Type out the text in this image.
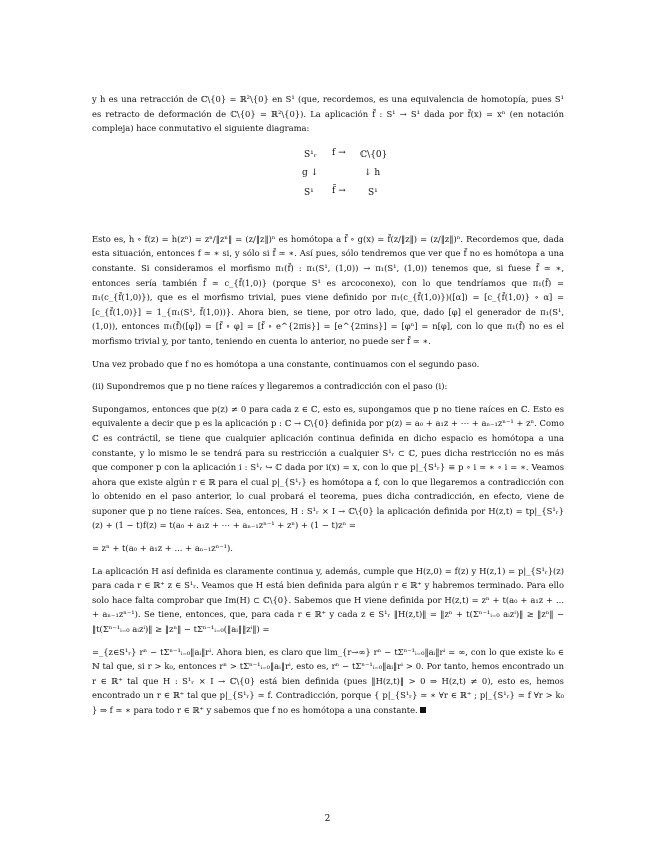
y h es una retracción de ℂ\{0} = ℝ²\{0} en S¹ (que, recordemos, es una equivalencia de homotopía, pues S¹ es retracto de deformación de ℂ\{0} = ℝ²\{0}). La aplicación f̃ : S¹ → S¹ dada por f̃(x) = xⁿ (en notación compleja) hace conmutativo el siguiente diagrama:

S¹ᵣ f → ℂ\{0}
g ↓	↓ h
S¹ f̃ → S¹

Esto es, h ∘ f(z) = h(zⁿ) = zⁿ/‖zⁿ‖ = (z/‖z‖)ⁿ es homótopa a f̃ ∘ g(x) = f̃(z/‖z‖) = (z/‖z‖)ⁿ. Recordemos que, dada esta situación, entonces f ≃ ∗ si, y sólo si f̃ ≃ ∗. Así pues, sólo tendremos que ver que f̃ no es homótopa a una constante. Si consideramos el morfismo π₁(f̃) : π₁(S¹, (1,0)) → π₁(S¹, (1,0)) tenemos que, si fuese f̃ ≃ ∗, entonces sería también f̃ ≃ c_{f̃(1,0)} (porque S¹ es arcoconexo), con lo que tendríamos que π₁(f̃) = π₁(c_{f̃(1,0)}), que es el morfismo trivial, pues viene definido por π₁(c_{f̃(1,0)})([α]) = [c_{f̃(1,0)} ∘ α] = [c_{f̃(1,0)}] = 1_{π₁(S¹, f̃(1,0))}. Ahora bien, se tiene, por otro lado, que, dado [φ] el generador de π₁(S¹, (1,0)), entonces π₁(f̃)([φ]) = [f̃ ∘ φ] = [f̃ ∘ e^{2πis}] = [e^{2πins}] = [φⁿ] = n[φ], con lo que π₁(f̃) no es el morfismo trivial y, por tanto, teniendo en cuenta lo anterior, no puede ser f̃ ≃ ∗.

Una vez probado que f no es homótopa a una constante, continuamos con el segundo paso.

(ii) Supondremos que p no tiene raíces y llegaremos a contradicción con el paso (i):

Supongamos, entonces que p(z) ≠ 0 para cada z ∈ ℂ, esto es, supongamos que p no tiene raíces en ℂ. Esto es equivalente a decir que p es la aplicación p : ℂ → ℂ\{0} definida por p(z) = a₀ + a₁z + ⋯ + aₙ₋₁zⁿ⁻¹ + zⁿ. Como ℂ es contráctil, se tiene que cualquier aplicación continua definida en dicho espacio es homótopa a una constante, y lo mismo le se tendrá para su restricción a cualquier S¹ᵣ ⊂ ℂ, pues dicha restricción no es más que componer p con la aplicación i : S¹ᵣ ↪ ℂ dada por i(x) = x, con lo que p|_{S¹ᵣ} ≡ p ∘ i ≃ ∗ ∘ i = ∗. Veamos ahora que existe algún r ∈ ℝ para el cual p|_{S¹ᵣ} es homótopa a f, con lo que llegaremos a contradicción con lo obtenido en el paso anterior, lo cual probará el teorema, pues dicha contradicción, en efecto, viene de suponer que p no tiene raíces. Sea, entonces, H : S¹ᵣ × I → ℂ\{0} la aplicación definida por H(z,t) = tp|_{S¹ᵣ}(z) + (1 − t)f(z) = t(a₀ + a₁z + ⋯ + aₙ₋₁zⁿ⁻¹ + zⁿ) + (1 − t)zⁿ =

= zⁿ + t(a₀ + a₁z + ... + aₙ₋₁zⁿ⁻¹).

La aplicación H así definida es claramente continua y, además, cumple que H(z,0) = f(z) y H(z,1) = p|_{S¹ᵣ}(z) para cada r ∈ ℝ⁺ z ∈ S¹ᵣ. Veamos que H está bien definida para algún r ∈ ℝ⁺ y habremos terminado. Para ello solo hace falta comprobar que Im(H) ⊂ ℂ\{0}. Sabemos que H viene definida por H(z,t) = zⁿ + t(a₀ + a₁z + ... + aₙ₋₁zⁿ⁻¹). Se tiene, entonces, que, para cada r ∈ ℝ⁺ y cada z ∈ S¹ᵣ ‖H(z,t)‖ = ‖zⁿ + t(Σⁿ⁻¹ᵢ₌₀ aᵢzⁱ)‖ ≥ ‖zⁿ‖ − ‖t(Σⁿ⁻¹ᵢ₌₀ aᵢzⁱ)‖ ≥ ‖zⁿ‖ − tΣⁿ⁻¹ᵢ₌₀(‖aᵢ‖‖zⁱ‖) =

=_{z∈S¹ᵣ} rⁿ − tΣⁿ⁻¹ᵢ₌₀‖aᵢ‖rⁱ. Ahora bien, es claro que lim_{r→∞} rⁿ − tΣⁿ⁻¹ᵢ₌₀‖aᵢ‖rⁱ = ∞, con lo que existe k₀ ∈ ℕ tal que, si r > k₀, entonces rⁿ > tΣⁿ⁻¹ᵢ₌₀‖aᵢ‖rⁱ, esto es, rⁿ − tΣⁿ⁻¹ᵢ₌₀‖aᵢ‖rⁱ > 0. Por tanto, hemos encontrado un r ∈ ℝ⁺ tal que H : S¹ᵣ × I → ℂ\{0} está bien definida (pues ‖H(z,t)‖ > 0 ⇒ H(z,t) ≠ 0), esto es, hemos encontrado un r ∈ ℝ⁺ tal que p|_{S¹ᵣ} ≃ f. Contradicción, porque { p|_{S¹ᵣ} ≃ ∗ ∀r ∈ ℝ⁺ ; p|_{S¹ᵣ} ≃ f ∀r > k₀ } ⇒ f ≃ ∗ para todo r ∈ ℝ⁺ y sabemos que f no es homótopa a una constante.

2
